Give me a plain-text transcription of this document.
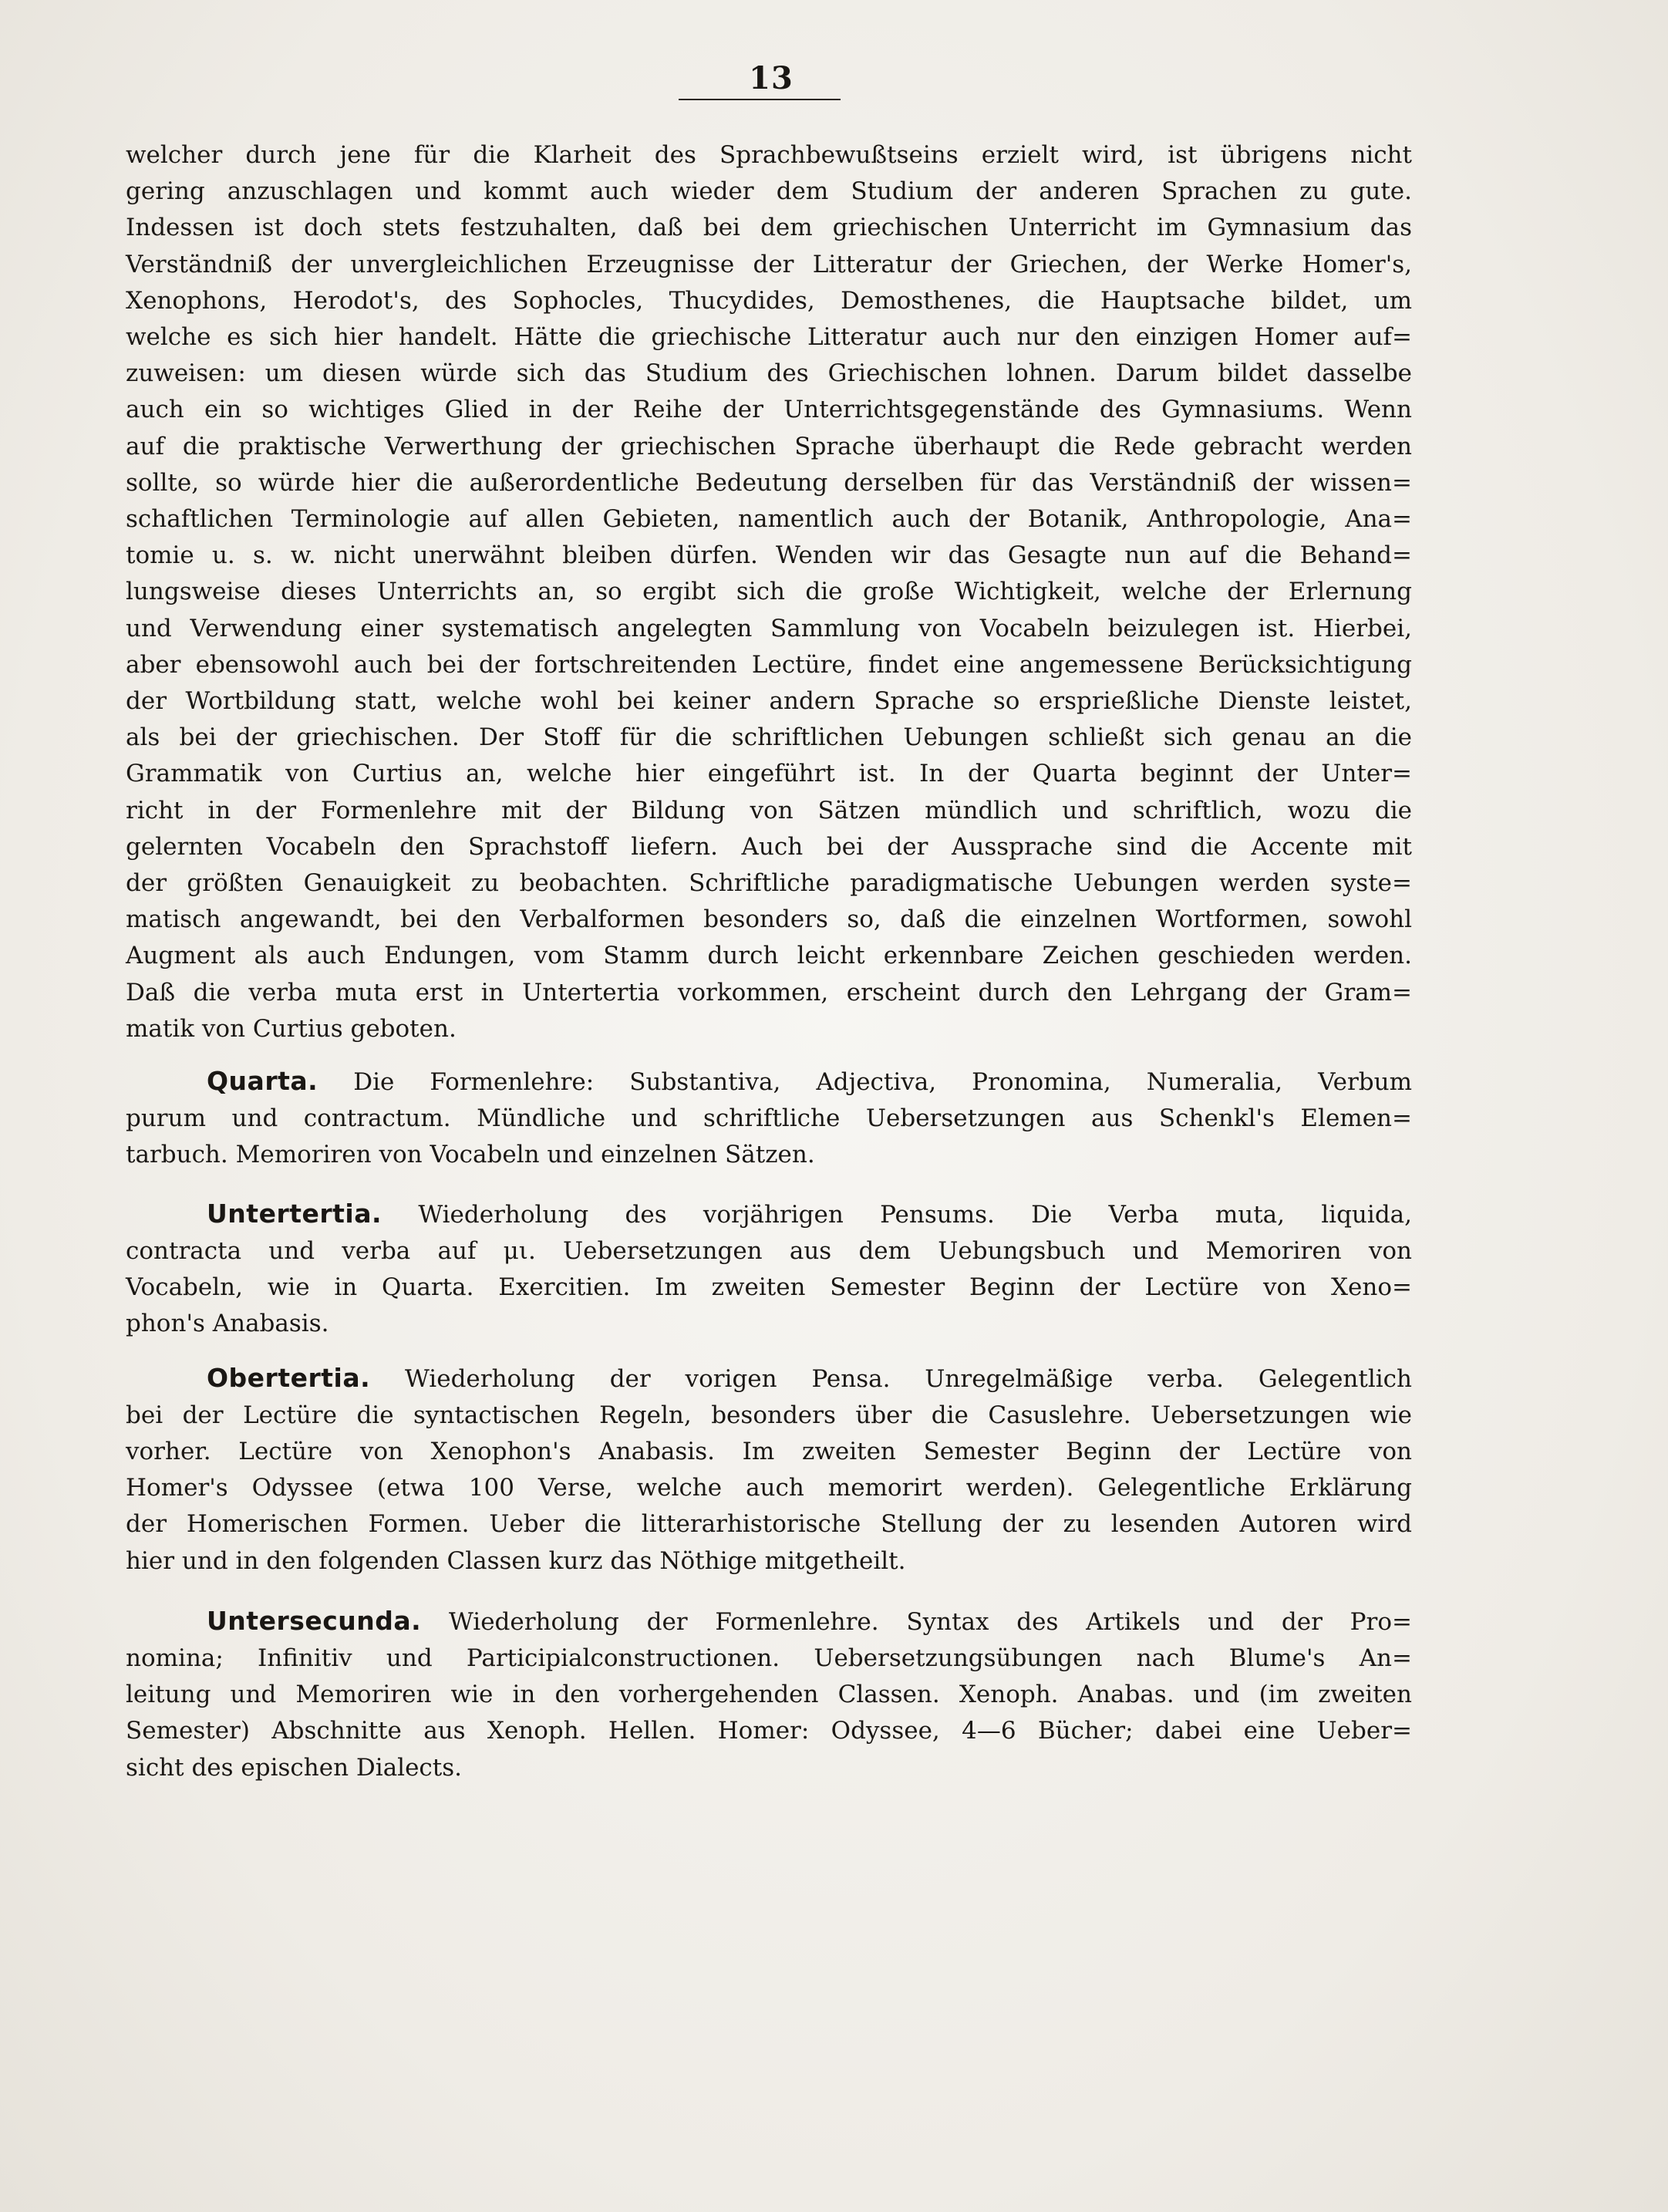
13

welcher durch jene für die Klarheit des Sprachbewußtseins erzielt wird, ist übrigens nicht

gering anzuschlagen und kommt auch wieder dem Studium der anderen Sprachen zu gute.

Indessen ist doch stets festzuhalten, daß bei dem griechischen Unterricht im Gymnasium das

Verständniß der unvergleichlichen Erzeugnisse der Litteratur der Griechen, der Werke Homer's,

Xenophons, Herodot's, des Sophocles, Thucydides, Demosthenes, die Hauptsache bildet, um

welche es sich hier handelt. Hätte die griechische Litteratur auch nur den einzigen Homer auf=

zuweisen: um diesen würde sich das Studium des Griechischen lohnen. Darum bildet dasselbe

auch ein so wichtiges Glied in der Reihe der Unterrichtsgegenstände des Gymnasiums. Wenn

auf die praktische Verwerthung der griechischen Sprache überhaupt die Rede gebracht werden

sollte, so würde hier die außerordentliche Bedeutung derselben für das Verständniß der wissen=

schaftlichen Terminologie auf allen Gebieten, namentlich auch der Botanik, Anthropologie, Ana=

tomie u. s. w. nicht unerwähnt bleiben dürfen. Wenden wir das Gesagte nun auf die Behand=

lungsweise dieses Unterrichts an, so ergibt sich die große Wichtigkeit, welche der Erlernung

und Verwendung einer systematisch angelegten Sammlung von Vocabeln beizulegen ist. Hierbei,

aber ebensowohl auch bei der fortschreitenden Lectüre, findet eine angemessene Berücksichtigung

der Wortbildung statt, welche wohl bei keiner andern Sprache so ersprießliche Dienste leistet,

als bei der griechischen. Der Stoff für die schriftlichen Uebungen schließt sich genau an die

Grammatik von Curtius an, welche hier eingeführt ist. In der Quarta beginnt der Unter=

richt in der Formenlehre mit der Bildung von Sätzen mündlich und schriftlich, wozu die

gelernten Vocabeln den Sprachstoff liefern. Auch bei der Aussprache sind die Accente mit

der größten Genauigkeit zu beobachten. Schriftliche paradigmatische Uebungen werden syste=

matisch angewandt, bei den Verbalformen besonders so, daß die einzelnen Wortformen, sowohl

Augment als auch Endungen, vom Stamm durch leicht erkennbare Zeichen geschieden werden.

Daß die verba muta erst in Untertertia vorkommen, erscheint durch den Lehrgang der Gram=

matik von Curtius geboten.

Quarta. Die Formenlehre: Substantiva, Adjectiva, Pronomina, Numeralia, Verbum

purum und contractum. Mündliche und schriftliche Uebersetzungen aus Schenkl's Elemen=

tarbuch. Memoriren von Vocabeln und einzelnen Sätzen.

Untertertia. Wiederholung des vorjährigen Pensums. Die Verba muta, liquida,

contracta und verba auf μι. Uebersetzungen aus dem Uebungsbuch und Memoriren von

Vocabeln, wie in Quarta. Exercitien. Im zweiten Semester Beginn der Lectüre von Xeno=

phon's Anabasis.

Obertertia. Wiederholung der vorigen Pensa. Unregelmäßige verba. Gelegentlich

bei der Lectüre die syntactischen Regeln, besonders über die Casuslehre. Uebersetzungen wie

vorher. Lectüre von Xenophon's Anabasis. Im zweiten Semester Beginn der Lectüre von

Homer's Odyssee (etwa 100 Verse, welche auch memorirt werden). Gelegentliche Erklärung

der Homerischen Formen. Ueber die litterarhistorische Stellung der zu lesenden Autoren wird

hier und in den folgenden Classen kurz das Nöthige mitgetheilt.

Untersecunda. Wiederholung der Formenlehre. Syntax des Artikels und der Pro=

nomina; Infinitiv und Participialconstructionen. Uebersetzungsübungen nach Blume's An=

leitung und Memoriren wie in den vorhergehenden Classen. Xenoph. Anabas. und (im zweiten

Semester) Abschnitte aus Xenoph. Hellen. Homer: Odyssee, 4—6 Bücher; dabei eine Ueber=

sicht des epischen Dialects.
